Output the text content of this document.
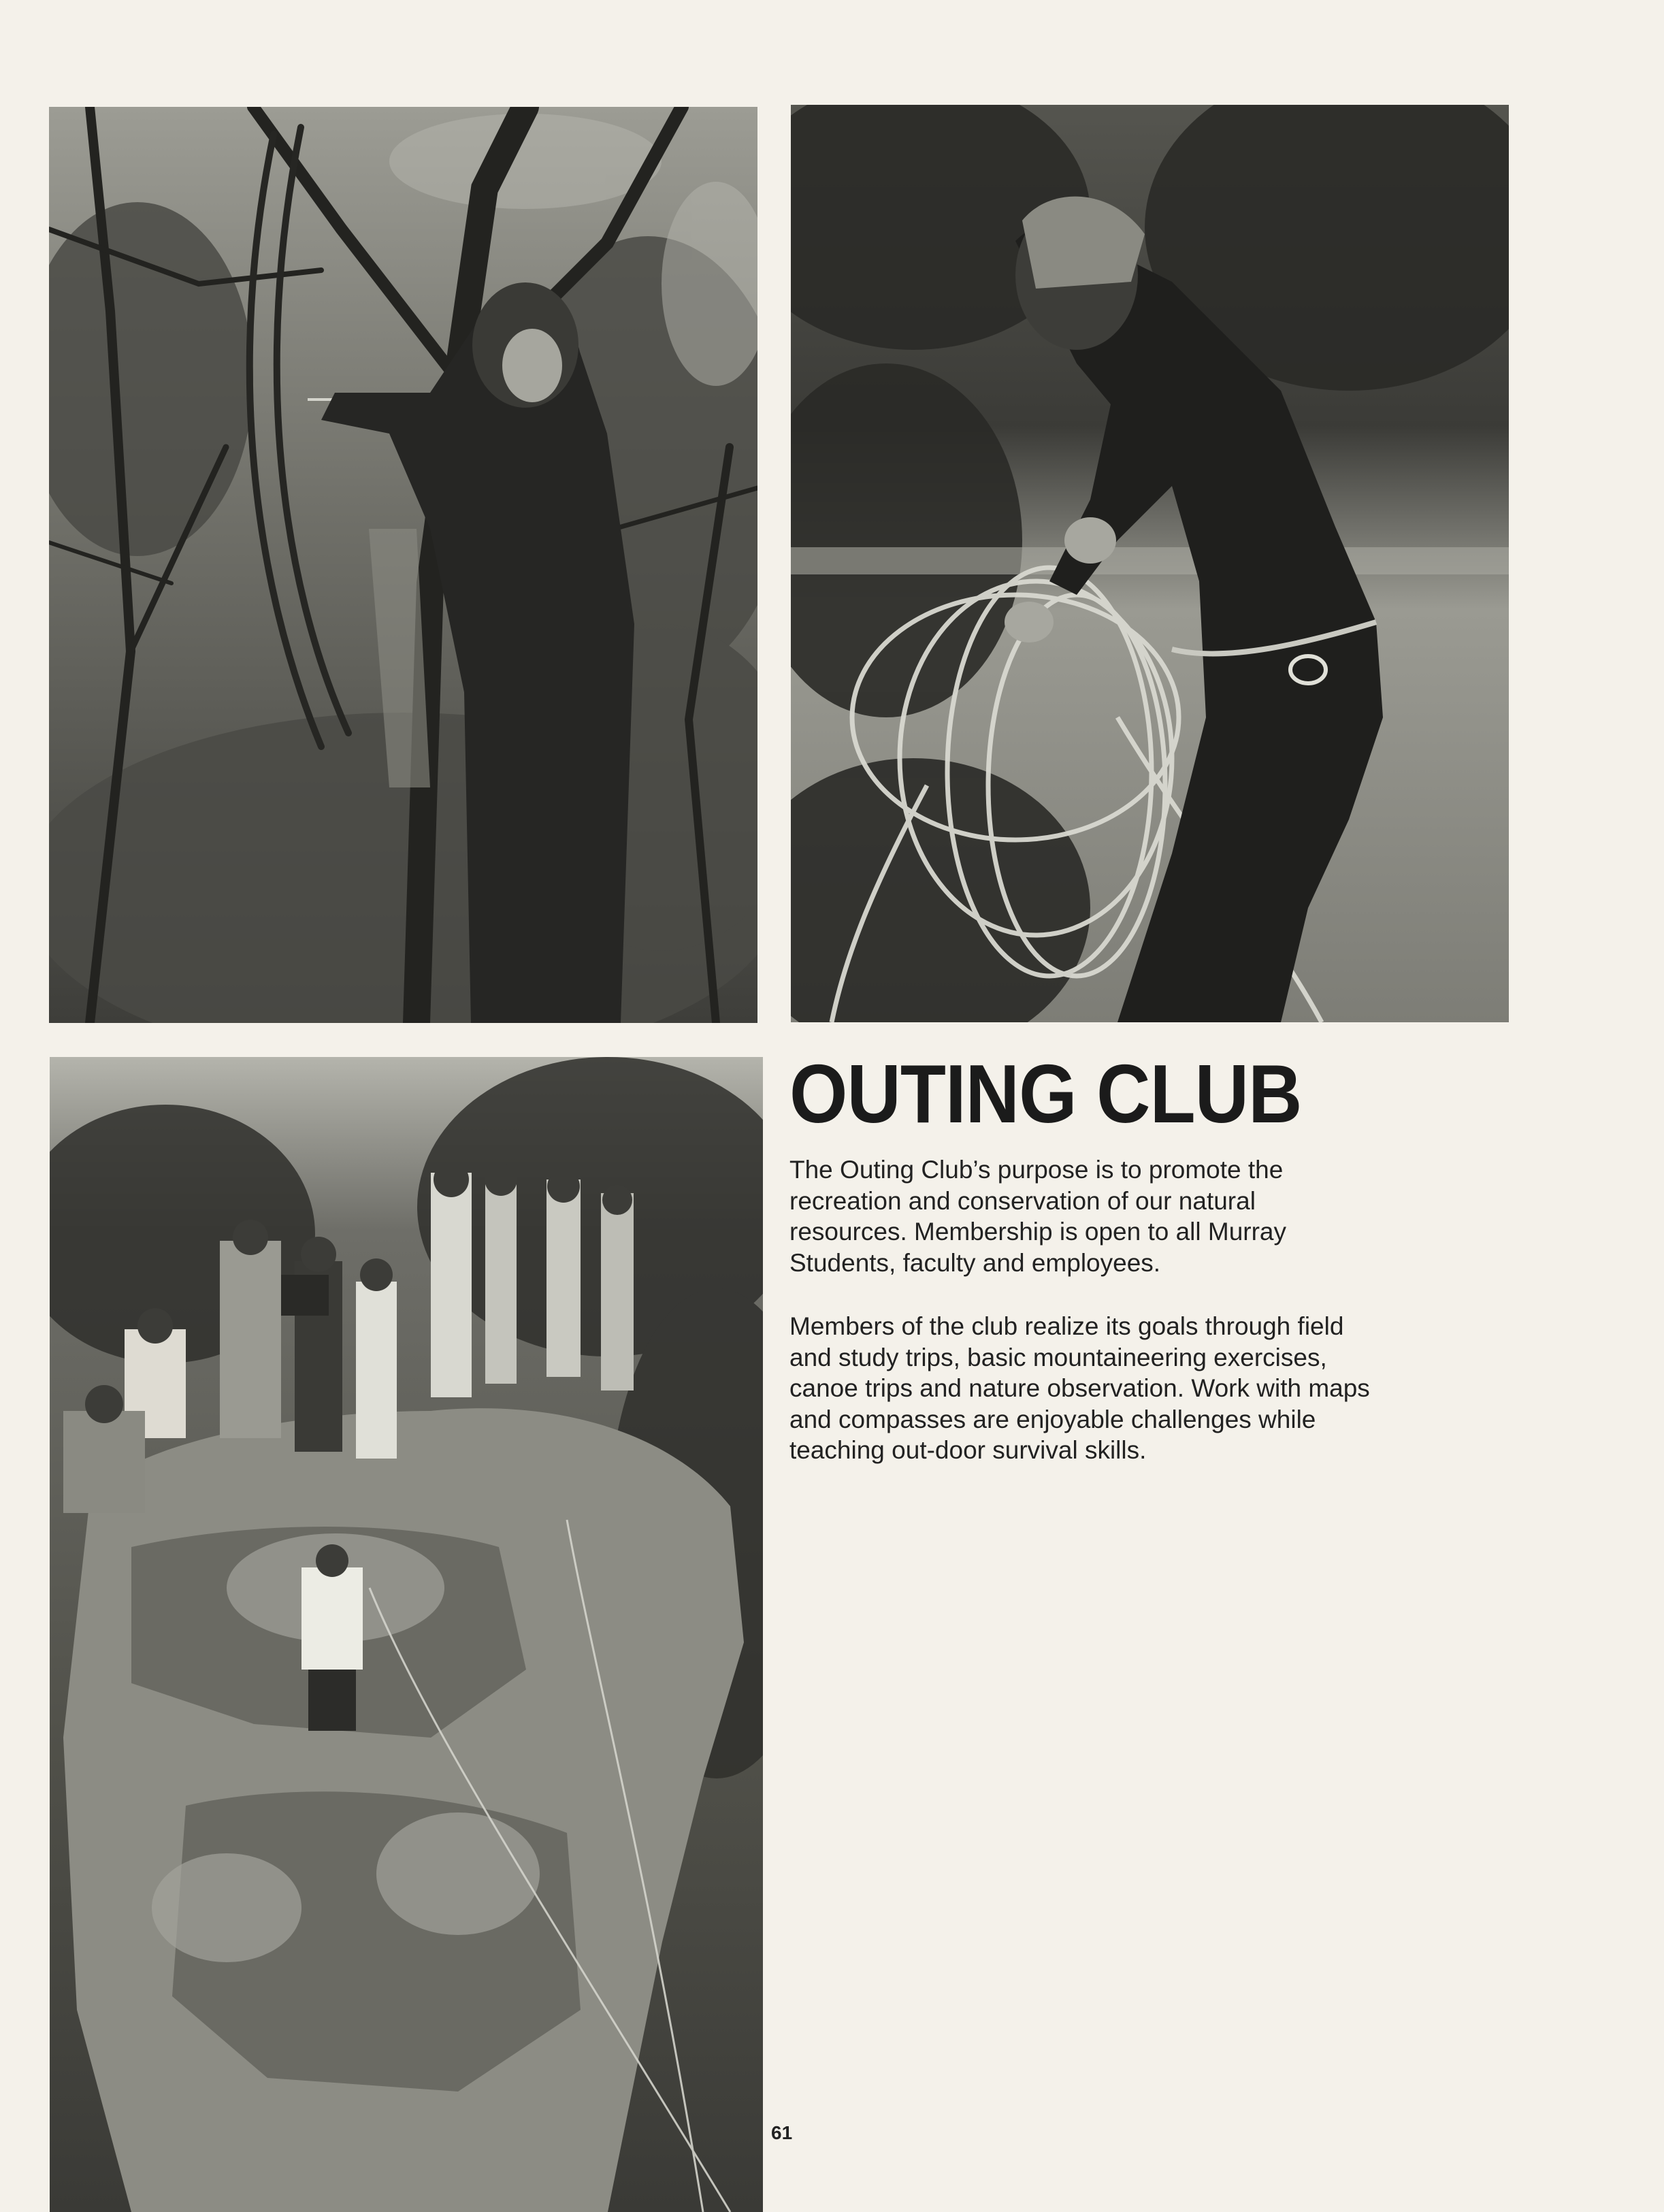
OUTING CLUB

The Outing Club’s purpose is to promote the
recreation and conservation of our natural
resources. Membership is open to all Murray
Students, faculty and employees.

Members of the club realize its goals through field
and study trips, basic mountaineering exercises,
canoe trips and nature observation. Work with maps
and compasses are enjoyable challenges while
teaching out-door survival skills.

61
